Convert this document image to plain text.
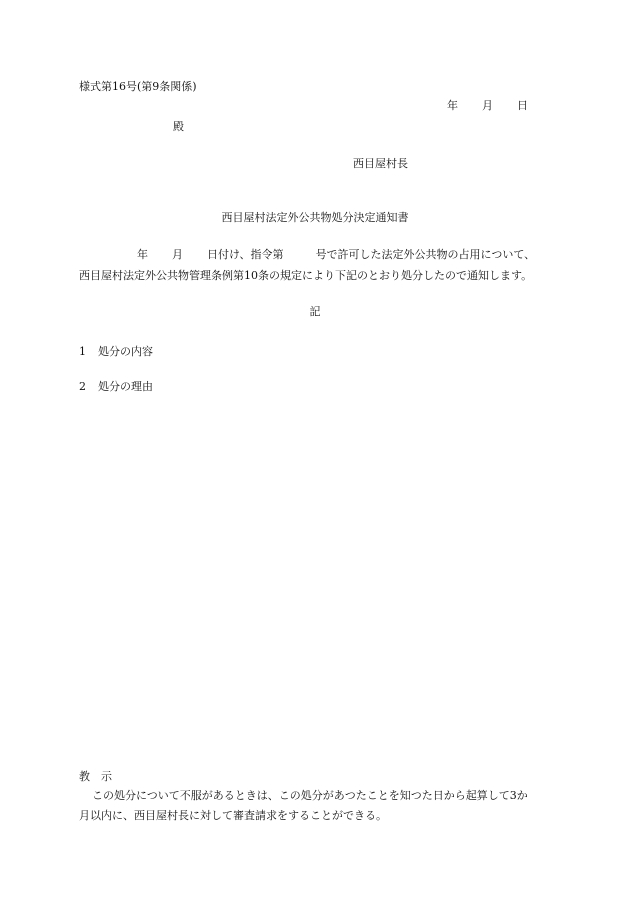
様式第16号(第9条関係)
年 月 日
殿
西目屋村長
西目屋村法定外公共物処分決定通知書
年 月 日付け、指令第	号で許可した法定外公共物の占用について、
西目屋村法定外公共物管理条例第10条の規定により下記のとおり処分したので通知します。
記
1 処分の内容
2 処分の理由
教示
この処分について不服があるときは、この処分があつたことを知つた日から起算して3か
月以内に、西目屋村長に対して審査請求をすることができる。
